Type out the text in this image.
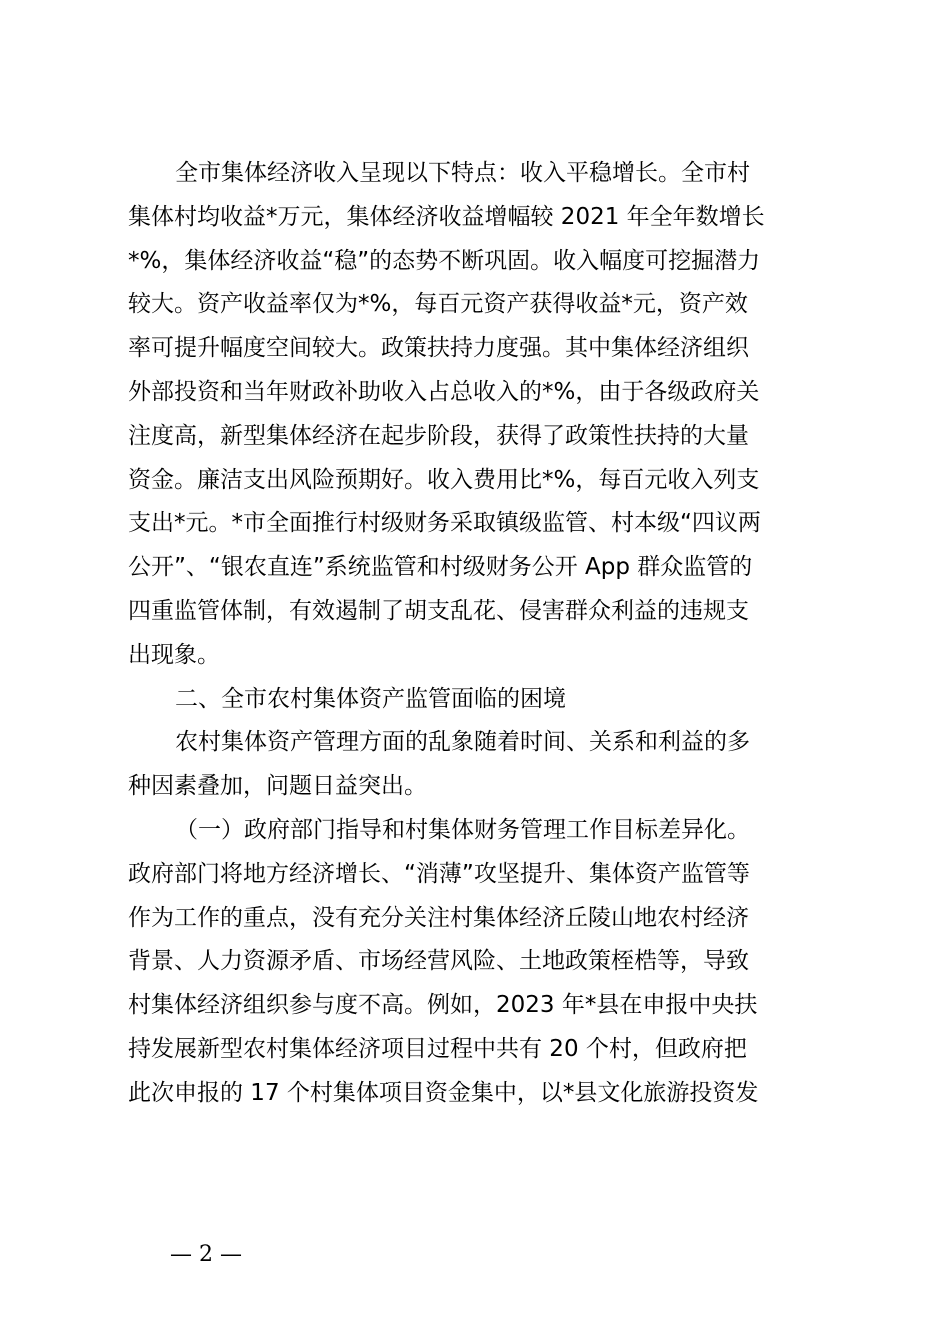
全市集体经济收入呈现以下特点：收入平稳增长。全市村
集体村均收益*万元，集体经济收益增幅较 2021 年全年数增长
*%，集体经济收益“稳”的态势不断巩固。收入幅度可挖掘潜力
较大。资产收益率仅为*%，每百元资产获得收益*元，资产效
率可提升幅度空间较大。政策扶持力度强。其中集体经济组织
外部投资和当年财政补助收入占总收入的*%，由于各级政府关
注度高，新型集体经济在起步阶段，获得了政策性扶持的大量
资金。廉洁支出风险预期好。收入费用比*%，每百元收入列支
支出*元。*市全面推行村级财务采取镇级监管、村本级“四议两
公开”、“银农直连”系统监管和村级财务公开 App 群众监管的
四重监管体制，有效遏制了胡支乱花、侵害群众利益的违规支
出现象。
二、全市农村集体资产监管面临的困境
农村集体资产管理方面的乱象随着时间、关系和利益的多
种因素叠加，问题日益突出。
（一）政府部门指导和村集体财务管理工作目标差异化。
政府部门将地方经济增长、“消薄”攻坚提升、集体资产监管等
作为工作的重点，没有充分关注村集体经济丘陵山地农村经济
背景、人力资源矛盾、市场经营风险、土地政策桎梏等，导致
村集体经济组织参与度不高。例如，2023 年*县在申报中央扶
持发展新型农村集体经济项目过程中共有 20 个村，但政府把
此次申报的 17 个村集体项目资金集中，以*县文化旅游投资发
— 2 —
